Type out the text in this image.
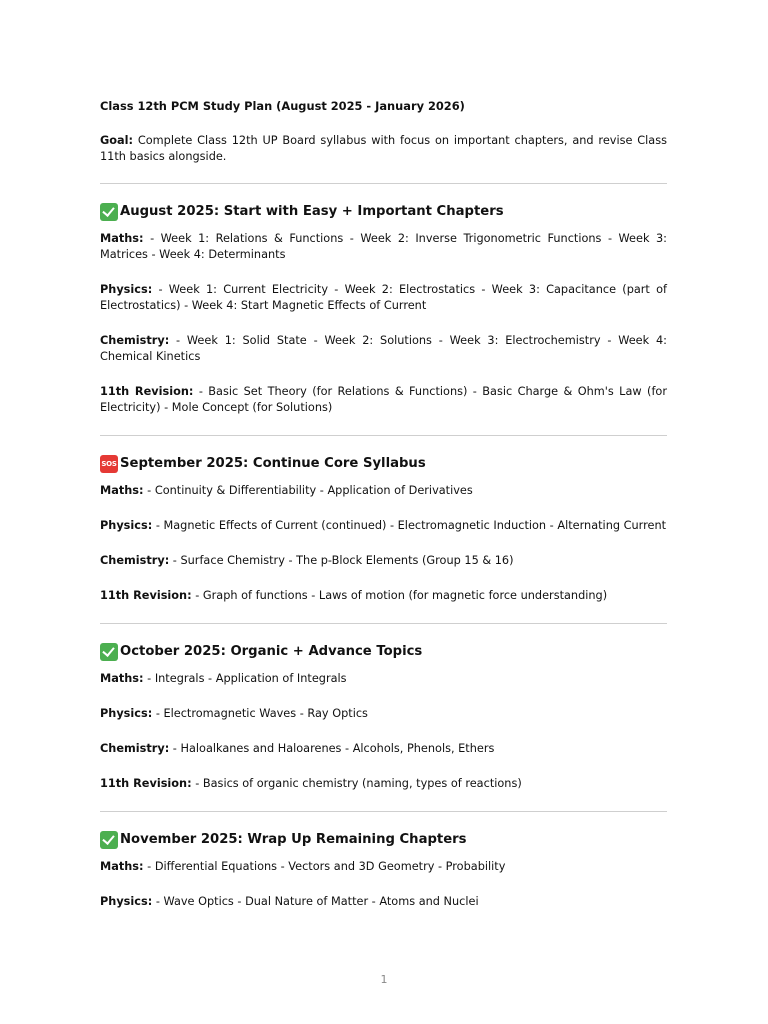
Class 12th PCM Study Plan (August 2025 - January 2026)

Goal: Complete Class 12th UP Board syllabus with focus on important chapters, and revise Class 11th basics alongside.

August 2025: Start with Easy + Important Chapters

Maths: - Week 1: Relations & Functions - Week 2: Inverse Trigonometric Functions - Week 3: Matrices - Week 4: Determinants

Physics: - Week 1: Current Electricity - Week 2: Electrostatics - Week 3: Capacitance (part of Electrostatics) - Week 4: Start Magnetic Effects of Current

Chemistry: - Week 1: Solid State - Week 2: Solutions - Week 3: Electrochemistry - Week 4: Chemical Kinetics

11th Revision: - Basic Set Theory (for Relations & Functions) - Basic Charge & Ohm's Law (for Electricity) - Mole Concept (for Solutions)

SOS September 2025: Continue Core Syllabus

Maths: - Continuity & Differentiability - Application of Derivatives

Physics: - Magnetic Effects of Current (continued) - Electromagnetic Induction - Alternating Current

Chemistry: - Surface Chemistry - The p-Block Elements (Group 15 & 16)

11th Revision: - Graph of functions - Laws of motion (for magnetic force understanding)

October 2025: Organic + Advance Topics

Maths: - Integrals - Application of Integrals

Physics: - Electromagnetic Waves - Ray Optics

Chemistry: - Haloalkanes and Haloarenes - Alcohols, Phenols, Ethers

11th Revision: - Basics of organic chemistry (naming, types of reactions)

November 2025: Wrap Up Remaining Chapters

Maths: - Differential Equations - Vectors and 3D Geometry - Probability

Physics: - Wave Optics - Dual Nature of Matter - Atoms and Nuclei

1
